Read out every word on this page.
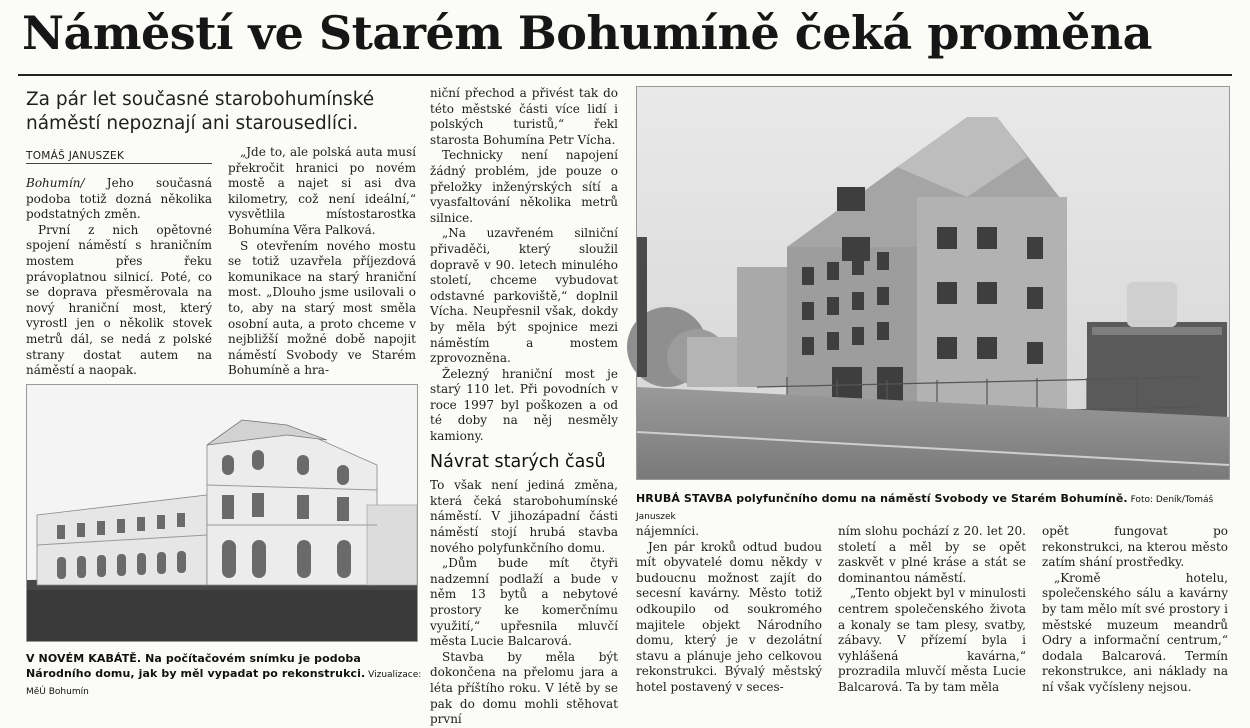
Náměstí ve Starém Bohumíně čeká proměna
Za pár let současné starobohumínské náměstí nepoznají ani starousedlíci.
TOMÁŠ JANUSZEK

Bohumín/ Jeho současná podoba totiž dozná několika podstatných změn.

První z nich opětovné spojení náměstí s hraničním mostem přes řeku právoplatnou silnicí. Poté, co se doprava přesměrovala na nový hraniční most, který vyrostl jen o několik stovek metrů dál, se nedá z polské strany dostat autem na náměstí a naopak.

„Jde to, ale polská auta musí překročit hranici po novém mostě a najet si asi dva kilometry, což není ideální,“ vysvětlila místostarostka Bohumína Věra Palková.

S otevřením nového mostu se totiž uzavřela příjezdová komunikace na starý hraniční most. „Dlouho jsme usilovali o to, aby na starý most směla osobní auta, a proto chceme v nejbližší možné době napojit náměstí Svobody ve Starém Bohumíně a hra-

niční přechod a přivést tak do této městské části více lidí i polských turistů,“ řekl starosta Bohumína Petr Vícha.

Technicky není napojení žádný problém, jde pouze o přeložky inženýrských sítí a vyasfaltování několika metrů silnice.

„Na uzavřeném silniční přivaděči, který sloužil dopravě v 90. letech minulého století, chceme vybudovat odstavné parkoviště,“ doplnil Vícha. Neupřesnil však, dokdy by měla být spojnice mezi náměstím a mostem zprovozněna.

Železný hraniční most je starý 110 let. Při povodních v roce 1997 byl poškozen a od té doby na něj nesměly kamiony.

Návrat starých časů

To však není jediná změna, která čeká starobohumínské náměstí. V jihozápadní části náměstí stojí hrubá stavba nového polyfunkčního domu.

„Dům bude mít čtyři nadzemní podlaží a bude v něm 13 bytů a nebytové prostory ke komerčnímu využití,“ upřesnila mluvčí města Lucie Balcarová.

Stavba by měla být dokončena na přelomu jara a léta příštího roku. V létě by se pak do domu mohli stěhovat první

HRUBÁ STAVBA polyfunčního domu na náměstí Svobody ve Starém Bohumíně. Foto: Deník/Tomáš Januszek
V NOVÉM KABÁTĚ. Na počítačovém snímku je podoba Národního domu, jak by měl vypadat po rekonstrukci. Vizualizace: MěÚ Bohumín

nájemníci.

Jen pár kroků odtud budou mít obyvatelé domu někdy v budoucnu možnost zajít do secesní kavárny. Město totiž odkoupilo od soukromého majitele objekt Národního domu, který je v dezolátní stavu a plánuje jeho celkovou rekonstrukci. Bývalý městský hotel postavený v seces-

ním slohu pochází z 20. let 20. století a měl by se opět zaskvět v plné kráse a stát se dominantou náměstí.

„Tento objekt byl v minulosti centrem společenského života a konaly se tam plesy, svatby, zábavy. V přízemí byla i vyhlášená kavárna,“ prozradila mluvčí města Lucie Balcarová. Ta by tam měla

opět fungovat po rekonstrukci, na kterou město zatím shání prostředky.

„Kromě hotelu, společenského sálu a kavárny by tam mělo mít své prostory i městské muzeum meandrů Odry a informační centrum,“ dodala Balcarová. Termín rekonstrukce, ani náklady na ní však vyčísleny nejsou.
